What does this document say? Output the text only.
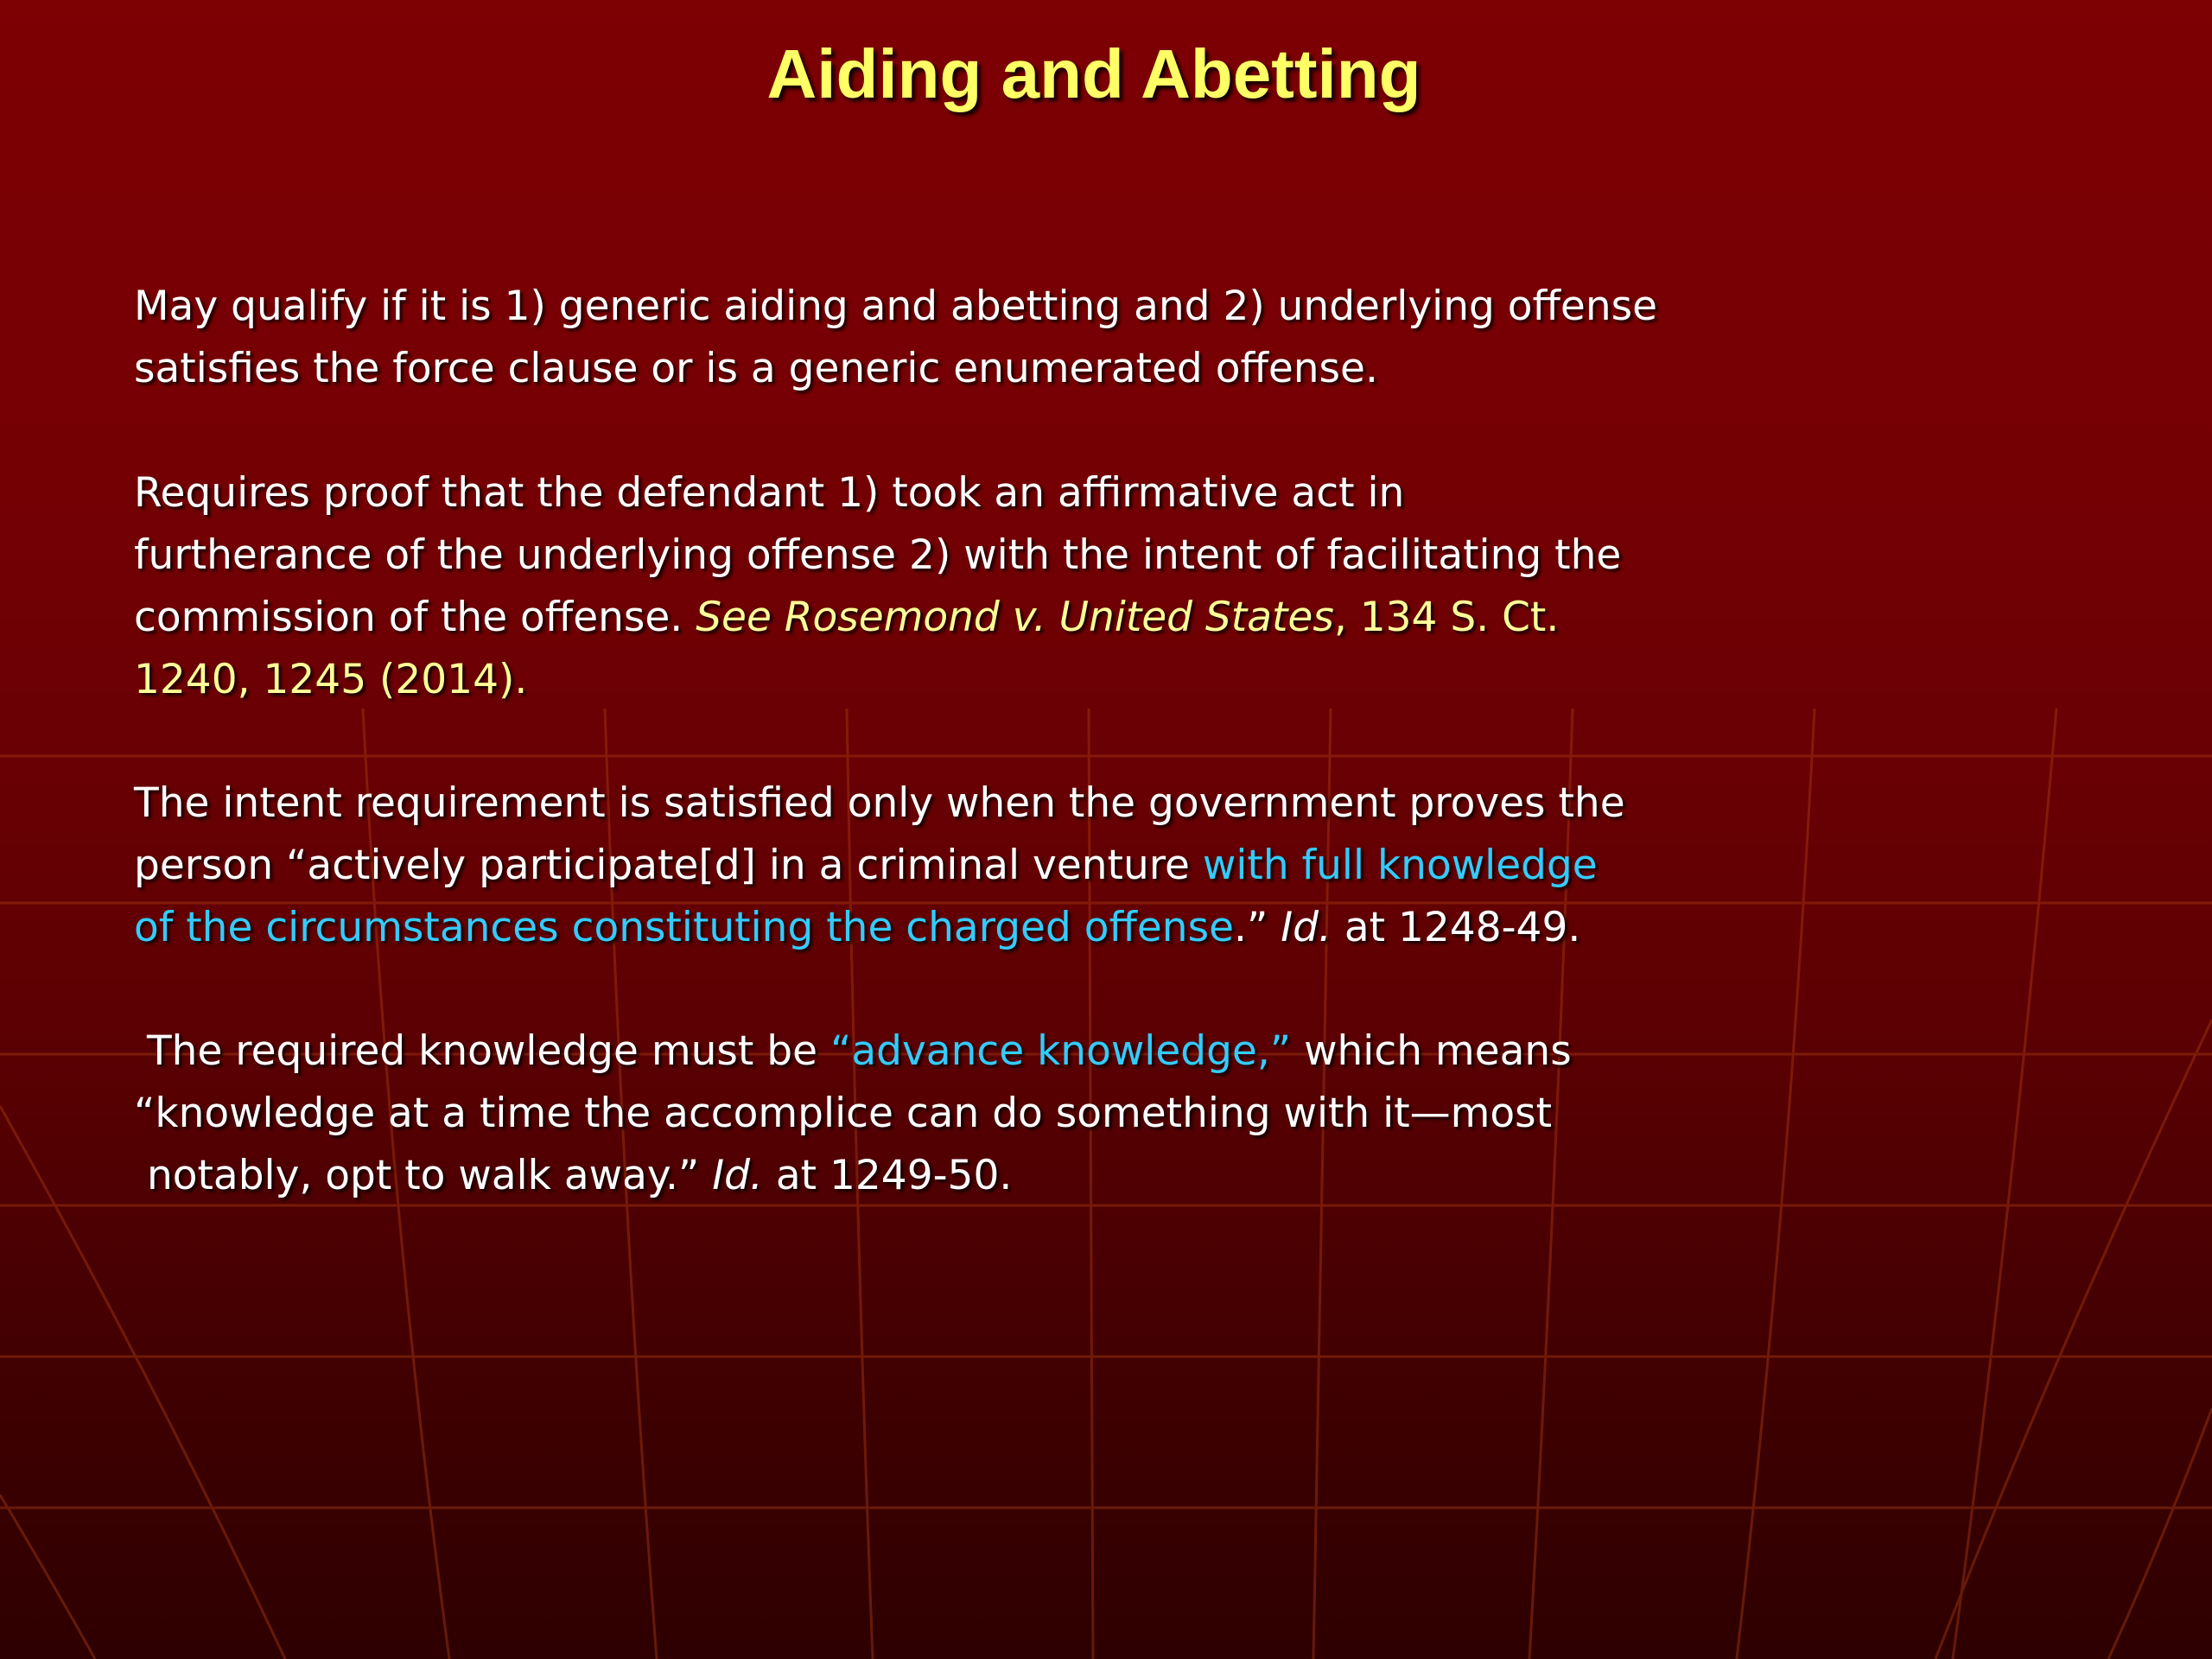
Aiding and Abetting
May qualify if it is 1) generic aiding and abetting and 2) underlying offense
satisfies the force clause or is a generic enumerated offense.
Requires proof that the defendant 1) took an affirmative act in
furtherance of the underlying offense 2) with the intent of facilitating the
commission of the offense. See Rosemond v. United States, 134 S. Ct.
1240, 1245 (2014).
The intent requirement is satisfied only when the government proves the
person “actively participate[d] in a criminal venture with full knowledge
of the circumstances constituting the charged offense.” Id. at 1248-49.
The required knowledge must be “advance knowledge,” which means
“knowledge at a time the accomplice can do something with it—most
notably, opt to walk away.” Id. at 1249-50.
